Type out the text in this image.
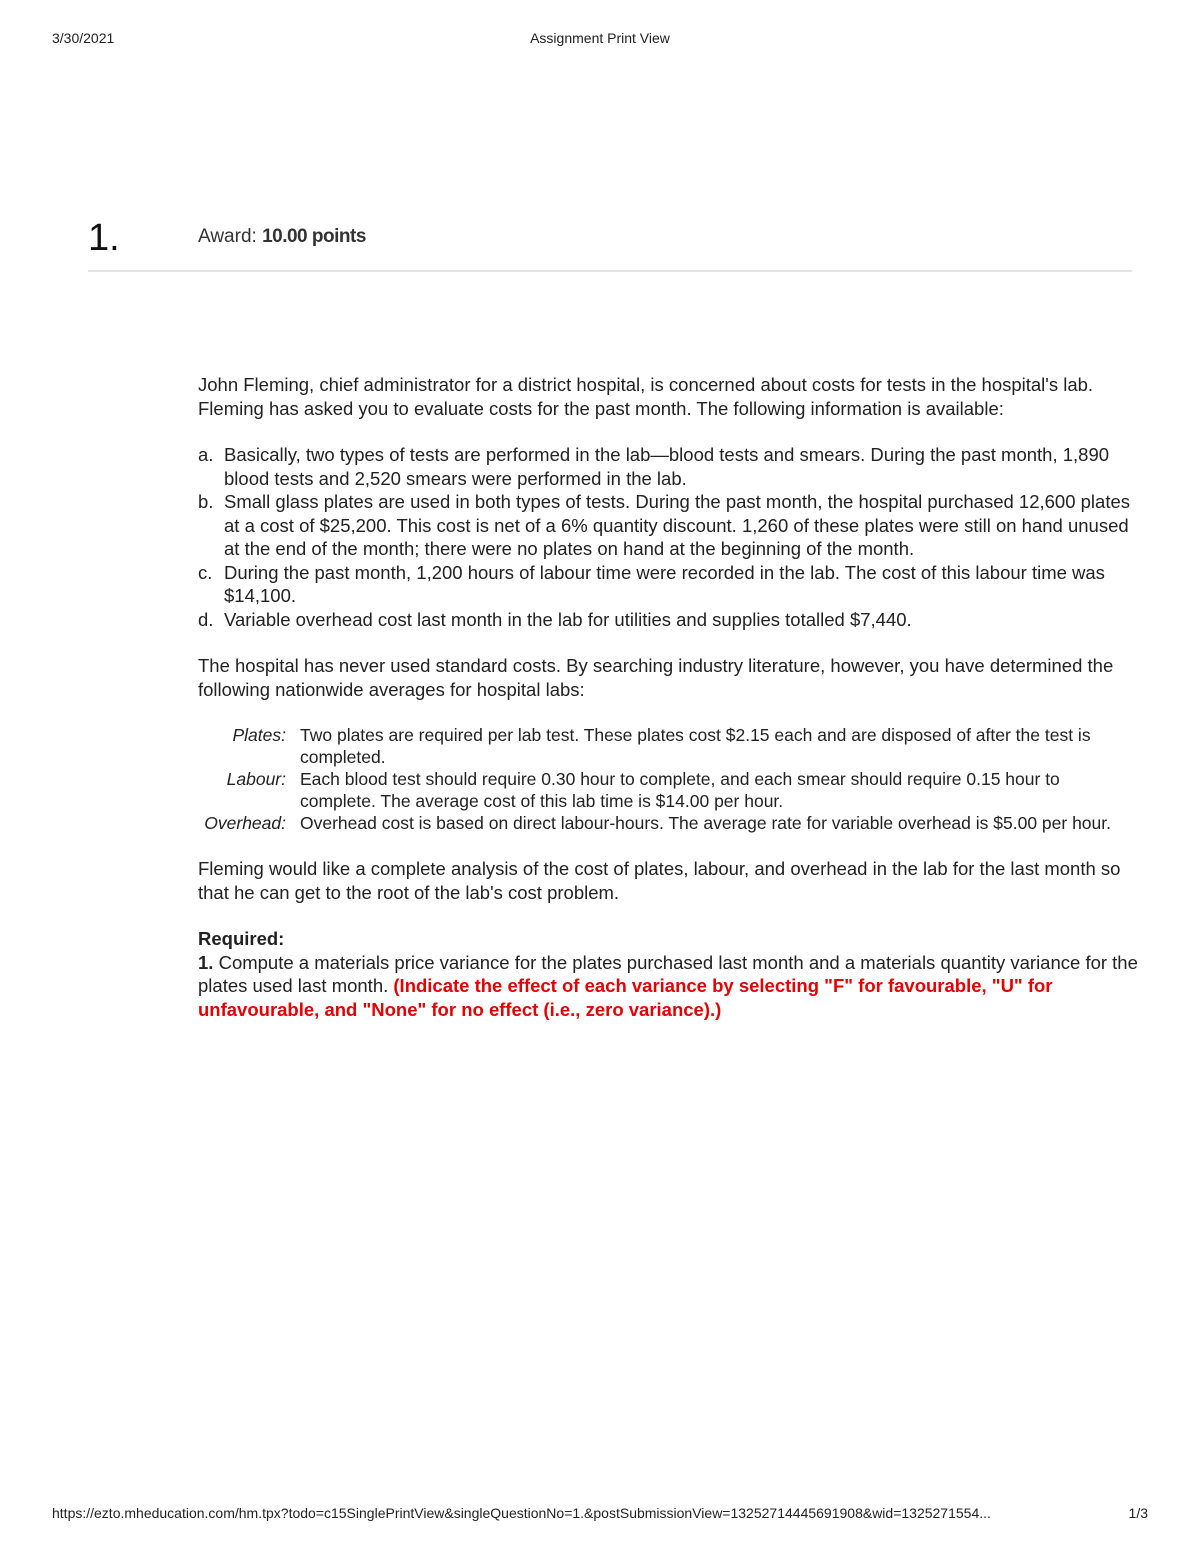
3/30/2021	Assignment Print View
1.	Award: 10.00 points

John Fleming, chief administrator for a district hospital, is concerned about costs for tests in the hospital's lab. Fleming has asked you to evaluate costs for the past month. The following information is available:

a. Basically, two types of tests are performed in the lab—blood tests and smears. During the past month, 1,890 blood tests and 2,520 smears were performed in the lab.
b. Small glass plates are used in both types of tests. During the past month, the hospital purchased 12,600 plates at a cost of $25,200. This cost is net of a 6% quantity discount. 1,260 of these plates were still on hand unused at the end of the month; there were no plates on hand at the beginning of the month.
c. During the past month, 1,200 hours of labour time were recorded in the lab. The cost of this labour time was $14,100.
d. Variable overhead cost last month in the lab for utilities and supplies totalled $7,440.

The hospital has never used standard costs. By searching industry literature, however, you have determined the following nationwide averages for hospital labs:

Plates:	Two plates are required per lab test. These plates cost $2.15 each and are disposed of after the test is completed.
Labour:	Each blood test should require 0.30 hour to complete, and each smear should require 0.15 hour to complete. The average cost of this lab time is $14.00 per hour.
Overhead:	Overhead cost is based on direct labour-hours. The average rate for variable overhead is $5.00 per hour.

Fleming would like a complete analysis of the cost of plates, labour, and overhead in the lab for the last month so that he can get to the root of the lab's cost problem.

Required:

1. Compute a materials price variance for the plates purchased last month and a materials quantity variance for the plates used last month. (Indicate the effect of each variance by selecting "F" for favourable, "U" for unfavourable, and "None" for no effect (i.e., zero variance).)

https://ezto.mheducation.com/hm.tpx?todo=c15SinglePrintView&singleQuestionNo=1.&postSubmissionView=13252714445691908&wid=1325271554...	1/3
